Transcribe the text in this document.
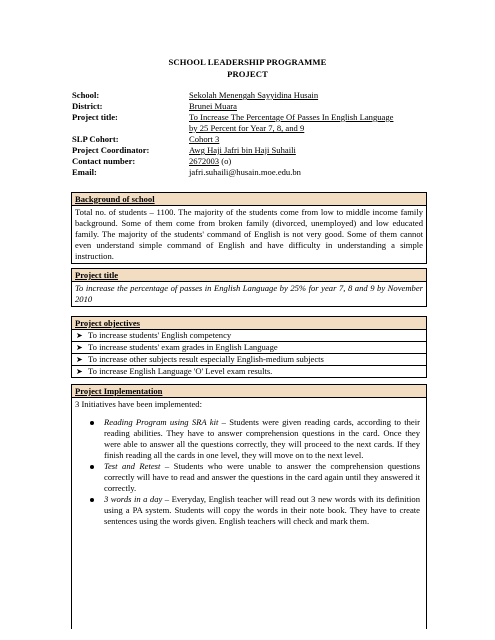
SCHOOL LEADERSHIP PROGRAMME
PROJECT
School:	Sekolah Menengah Sayyidina Husain
District:	Brunei Muara
Project title:	To Increase The Percentage Of Passes In English Language
by 25 Percent for Year 7, 8, and 9
SLP Cohort:	Cohort 3
Project Coordinator:	Awg Haji Jafri bin Haji Suhaili
Contact number:	2672003 (o)
Email:	jafri.suhaili@husain.moe.edu.bn
Background of school
Total no. of students – 1100. The majority of the students come from low to middle income family background. Some of them come from broken family (divorced, unemployed) and low educated family. The majority of the students' command of English is not very good. Some of them cannot even understand simple command of English and have difficulty in understanding a simple instruction.
Project title
To increase the percentage of passes in English Language by 25% for year 7, 8 and 9 by November 2010
Project objectives
➤ To increase students' English competency
➤ To increase students' exam grades in English Language
➤ To increase other subjects result especially English-medium subjects
➤ To increase English Language 'O' Level exam results.
Project Implementation
3 Initiatives have been implemented:
Reading Program using SRA kit – Students were given reading cards, according to their reading abilities. They have to answer comprehension questions in the card. Once they were able to answer all the questions correctly, they will proceed to the next cards. If they finish reading all the cards in one level, they will move on to the next level.
Test and Retest – Students who were unable to answer the comprehension questions correctly will have to read and answer the questions in the card again until they answered it correctly.
3 words in a day – Everyday, English teacher will read out 3 new words with its definition using a PA system. Students will copy the words in their note book. They have to create sentences using the words given. English teachers will check and mark them.
